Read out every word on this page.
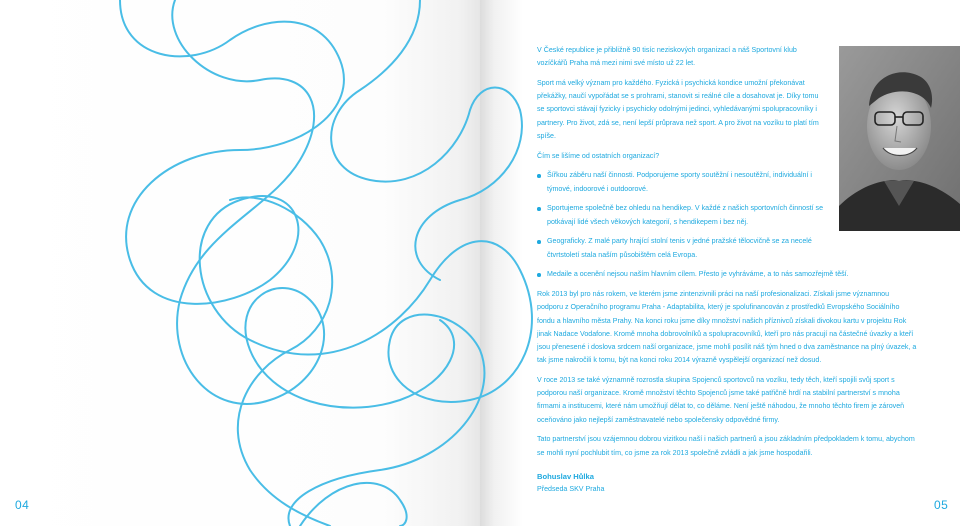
04	05

V České republice je přibližně 90 tisíc neziskových organizací a náš Sportovní klub vozíčkářů Praha má mezi nimi své místo už 22 let.

Sport má velký význam pro každého. Fyzická i psychická kondice umožní překonávat překážky, naučí vypořádat se s prohrami, stanovit si reálné cíle a dosahovat je. Díky tomu se sportovci stávají fyzicky i psychicky odolnými jedinci, vyhledávanými spolupracovníky i partnery. Pro život, zdá se, není lepší průprava než sport. A pro život na vozíku to platí tím spíše.

Čím se lišíme od ostatních organizací?

Šířkou záběru naší činnosti. Podporujeme sporty soutěžní i nesoutěžní, individuální i týmové, indoorové i outdoorové.
Sportujeme společně bez ohledu na hendikep. V každé z našich sportovních činností se potkávají lidé všech věkových kategorií, s hendikepem i bez něj.
Geograficky. Z malé party hrající stolní tenis v jedné pražské tělocvičně se za necelé čtvrtstoletí stala naším působištěm celá Evropa.
Medaile a ocenění nejsou naším hlavním cílem. Přesto je vyhráváme, a to nás samozřejmě těší.

Rok 2013 byl pro nás rokem, ve kterém jsme zintenzivnili práci na naší profesionalizaci. Získali jsme významnou podporu z Operačního programu Praha - Adaptabilita, který je spolufinancován z prostředků Evropského Sociálního fondu a hlavního města Prahy. Na konci roku jsme díky množství našich příznivců získali divokou kartu v projektu Rok jinak Nadace Vodafone. Kromě mnoha dobrovolníků a spolupracovníků, kteří pro nás pracují na částečné úvazky a kteří jsou přenesené i doslova srdcem naší organizace, jsme mohli posílit náš tým hned o dva zaměstnance na plný úvazek, a tak jsme nakročili k tomu, být na konci roku 2014 výrazně vyspělejší organizací než dosud.

V roce 2013 se také významně rozrostla skupina Spojenců sportovců na vozíku, tedy těch, kteří spojili svůj sport s podporou naší organizace. Kromě množství těchto Spojenců jsme také patřičně hrdí na stabilní partnerství s mnoha firmami a institucemi, které nám umožňují dělat to, co děláme. Není ještě náhodou, že mnoho těchto firem je zároveň oceňováno jako nejlepší zaměstnavatelé nebo společensky odpovědné firmy.

Tato partnerství jsou vzájemnou dobrou vizitkou naší i našich partnerů a jsou základním předpokladem k tomu, abychom se mohli nyní pochlubit tím, co jsme za rok 2013 společně zvládli a jak jsme hospodařili.

Bohuslav Hůlka
Předseda SKV Praha
